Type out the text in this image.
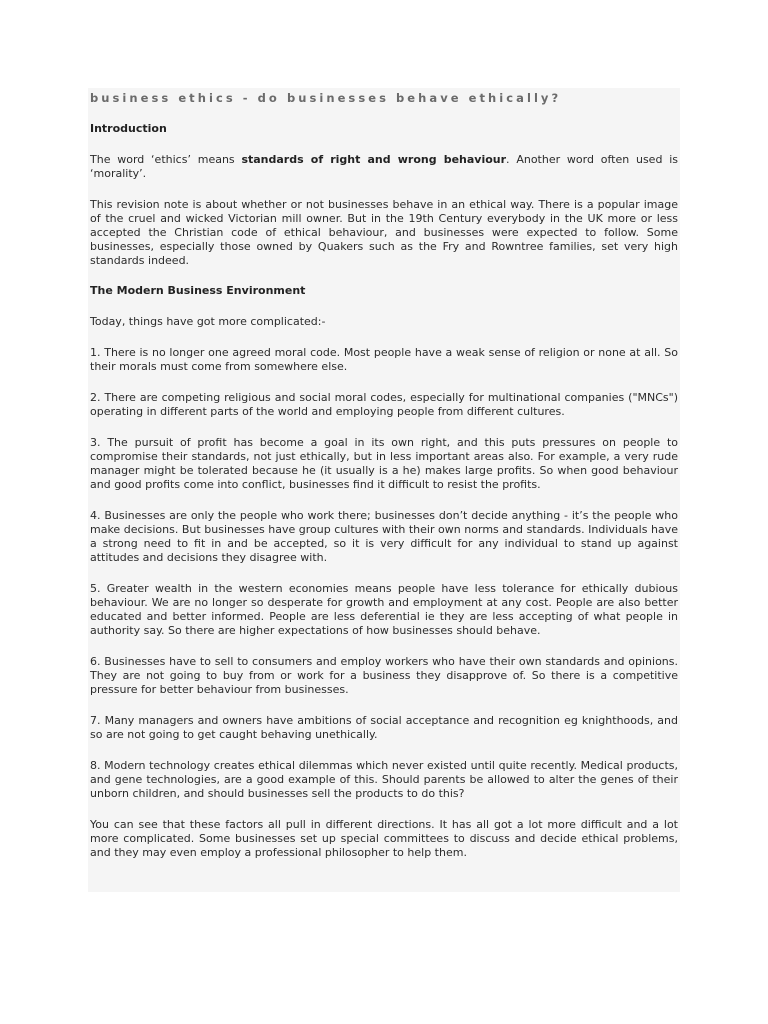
business ethics - do businesses behave ethically?
Introduction

The word ‘ethics’ means standards of right and wrong behaviour. Another word often used is ‘morality’.

This revision note is about whether or not businesses behave in an ethical way. There is a popular image of the cruel and wicked Victorian mill owner. But in the 19th Century everybody in the UK more or less accepted the Christian code of ethical behaviour, and businesses were expected to follow. Some businesses, especially those owned by Quakers such as the Fry and Rowntree families, set very high standards indeed.

The Modern Business Environment

Today, things have got more complicated:-

1. There is no longer one agreed moral code. Most people have a weak sense of religion or none at all. So their morals must come from somewhere else.

2. There are competing religious and social moral codes, especially for multinational companies ("MNCs") operating in different parts of the world and employing people from different cultures.

3. The pursuit of profit has become a goal in its own right, and this puts pressures on people to compromise their standards, not just ethically, but in less important areas also. For example, a very rude manager might be tolerated because he (it usually is a he) makes large profits. So when good behaviour and good profits come into conflict, businesses find it difficult to resist the profits.

4. Businesses are only the people who work there; businesses don’t decide anything - it’s the people who make decisions. But businesses have group cultures with their own norms and standards. Individuals have a strong need to fit in and be accepted, so it is very difficult for any individual to stand up against attitudes and decisions they disagree with.

5. Greater wealth in the western economies means people have less tolerance for ethically dubious behaviour. We are no longer so desperate for growth and employment at any cost. People are also better educated and better informed. People are less deferential ie they are less accepting of what people in authority say. So there are higher expectations of how businesses should behave.

6. Businesses have to sell to consumers and employ workers who have their own standards and opinions. They are not going to buy from or work for a business they disapprove of. So there is a competitive pressure for better behaviour from businesses.

7. Many managers and owners have ambitions of social acceptance and recognition eg knighthoods, and so are not going to get caught behaving unethically.

8. Modern technology creates ethical dilemmas which never existed until quite recently. Medical products, and gene technologies, are a good example of this. Should parents be allowed to alter the genes of their unborn children, and should businesses sell the products to do this?

You can see that these factors all pull in different directions. It has all got a lot more difficult and a lot more complicated. Some businesses set up special committees to discuss and decide ethical problems, and they may even employ a professional philosopher to help them.
